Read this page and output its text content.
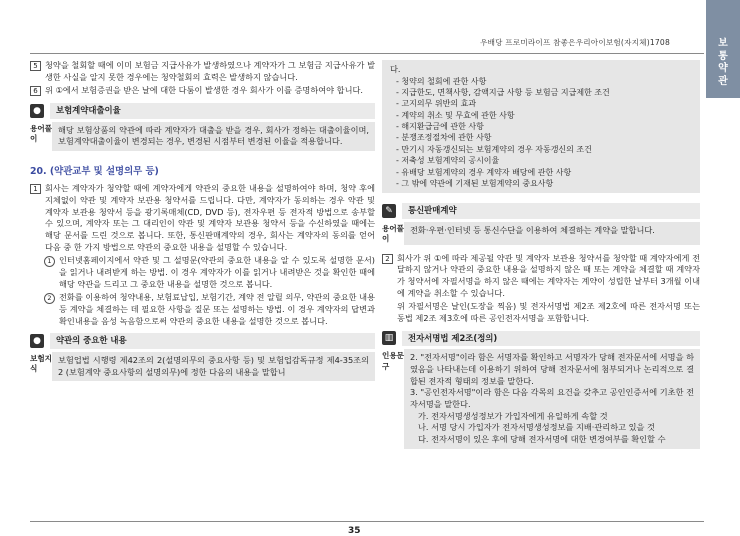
보
통
약
관
우배당 프로미라이프 참좋은우리아이보험(자지체)1708
5 청약을 철회할 때에 이미 보험금 지급사유가 발생하였으나 계약자가 그 보험금 지급사유가 발생한 사실을 알지 못한 경우에는 청약철회의 효력은 발생하지 않습니다.
6 위 ①에서 보험증권을 받은 날에 대한 다툼이 발생한 경우 회사가 이를 증명하여야 합니다.
●	보험계약대출이율
용어풀이
해당 보험상품의 약관에 따라 계약자가 대출을 받을 경우, 회사가 정하는 대출이율이며, 보험계약대출이율이 변경되는 경우, 변경된 시점부터 변경된 이율을 적용합니다.
20. (약관교부 및 설명의무 등)
1 회사는 계약자가 청약할 때에 계약자에게 약관의 중요한 내용을 설명하여야 하며, 청약 후에 지체없이 약관 및 계약자 보관용 청약서를 드립니다. 다만, 계약자가 동의하는 경우 약관 및 계약자 보관용 청약서 등을 광기록매체(CD, DVD 등), 전자우편 등 전자적 방법으로 송부할 수 있으며, 계약자 또는 그 대리인이 약관 및 계약자 보관용 청약서 등을 수신하였을 때에는 해당 문서를 드린 것으로 봅니다. 또한, 통신판매계약의 경우, 회사는 계약자의 동의를 얻어 다음 중 한 가지 방법으로 약관의 중요한 내용을 설명할 수 있습니다.
1 인터넷홈페이지에서 약관 및 그 설명문(약관의 중요한 내용을 알 수 있도록 설명한 문서)을 읽거나 내려받게 하는 방법. 이 경우 계약자가 이를 읽거나 내려받은 것을 확인한 때에 해당 약관을 드리고 그 중요한 내용을 설명한 것으로 봅니다.
2 전화를 이용하여 청약내용, 보험료납입, 보험기간, 계약 전 알릴 의무, 약관의 중요한 내용 등 계약을 체결하는 데 필요한 사항을 질문 또는 설명하는 방법. 이 경우 계약자의 답변과 확인내용을 음성 녹음함으로써 약관의 중요한 내용을 설명한 것으로 봅니다.
●	약관의 중요한 내용
보험지식
보험업법 시행령 제42조의 2(설명의무의 중요사항 등) 및 보험업감독규정 제4-35조의2 (보험계약 중요사항의 설명의무)에 정한 다음의 내용을 말합니
다.
- 청약의 철회에 관한 사항
- 지급한도, 면책사항, 감액지급 사항 등 보험금 지급제한 조건
- 고지의무 위반의 효과
- 계약의 취소 및 무효에 관한 사항
- 해지환급금에 관한 사항
- 분쟁조정절차에 관한 사항
- 만기시 자동갱신되는 보험계약의 경우 자동갱신의 조건
- 저축성 보험계약의 공시이율
- 유배당 보험계약의 경우 계약자 배당에 관한 사항
- 그 밖에 약관에 기재된 보험계약의 중요사항
✎	통신판매계약
용어풀이
전화·우편·인터넷 등 통신수단을 이용하여 체결하는 계약을 말합니다.
2 회사가 위 ①에 따라 제공될 약관 및 계약자 보관용 청약서를 청약할 때 계약자에게 전달하지 않거나 약관의 중요한 내용을 설명하지 않은 때 또는 계약을 체결할 때 계약자가 청약서에 자필서명을 하지 않은 때에는 계약자는 계약이 성립한 날부터 3개월 이내에 계약을 취소할 수 있습니다.
위 자필서명은 날인(도장을 찍음) 및 전자서명법 제2조 제2호에 따른 전자서명 또는 동법 제2조 제3호에 따른 공인전자서명을 포함합니다.
▥	전자서명법 제2조(정의)
인용문구
2. "전자서명"이라 함은 서명자를 확인하고 서명자가 당해 전자문서에 서명을 하였음을 나타내는데 이용하기 위하여 당해 전자문서에 첨부되거나 논리적으로 결합된 전자적 형태의 정보를 말한다.
3. "공인전자서명"이라 함은 다음 각목의 요건을 갖추고 공인인증서에 기초한 전자서명을 말한다.
가. 전자서명생성정보가 가입자에게 유일하게 속할 것
나. 서명 당시 가입자가 전자서명생성정보를 지배·관리하고 있을 것
다. 전자서명이 있은 후에 당해 전자서명에 대한 변경여부를 확인할 수
35
